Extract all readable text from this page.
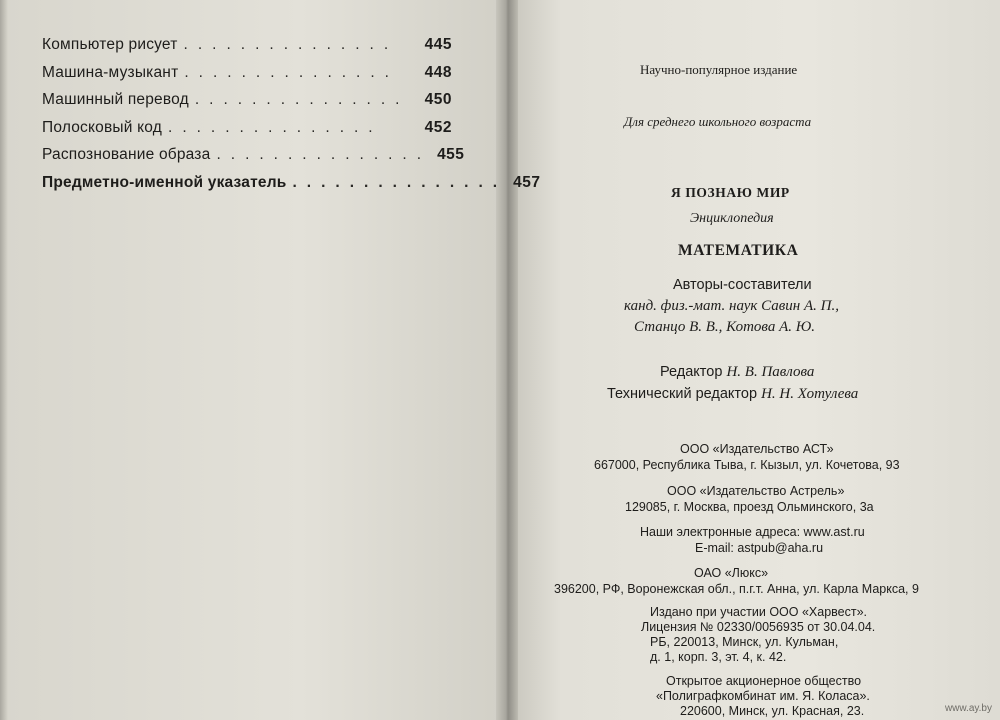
Компьютер рисует ...............	445
Машина-музыкант ...............	448
Машинный перевод ............... 450
Полосковый код ...............	452
Распознование образа ............... 455
Предметно-именной указатель ............... 457
Научно-популярное издание
Для среднего школьного возраста
Я ПОЗНАЮ МИР
Энциклопедия
МАТЕМАТИКА
Авторы-составители
канд. физ.-мат. наук Савин А. П.,
Станцо В. В., Котова А. Ю.
Редактор Н. В. Павлова
Технический редактор Н. Н. Хотулева
ООО «Издательство АСТ»
667000, Республика Тыва, г. Кызыл, ул. Кочетова, 93
ООО «Издательство Астрель»
129085, г. Москва, проезд Ольминского, 3а
Наши электронные адреса: www.ast.ru
E-mail: astpub@aha.ru
ОАО «Люкс»
396200, РФ, Воронежская обл., п.г.т. Анна, ул. Карла Маркса, 9
Издано при участии ООО «Харвест».
Лицензия № 02330/0056935 от 30.04.04.
РБ, 220013, Минск, ул. Кульман,
д. 1, корп. 3, эт. 4, к. 42.
Открытое акционерное общество
«Полиграфкомбинат им. Я. Коласа».
220600, Минск, ул. Красная, 23.	www.ay.by
